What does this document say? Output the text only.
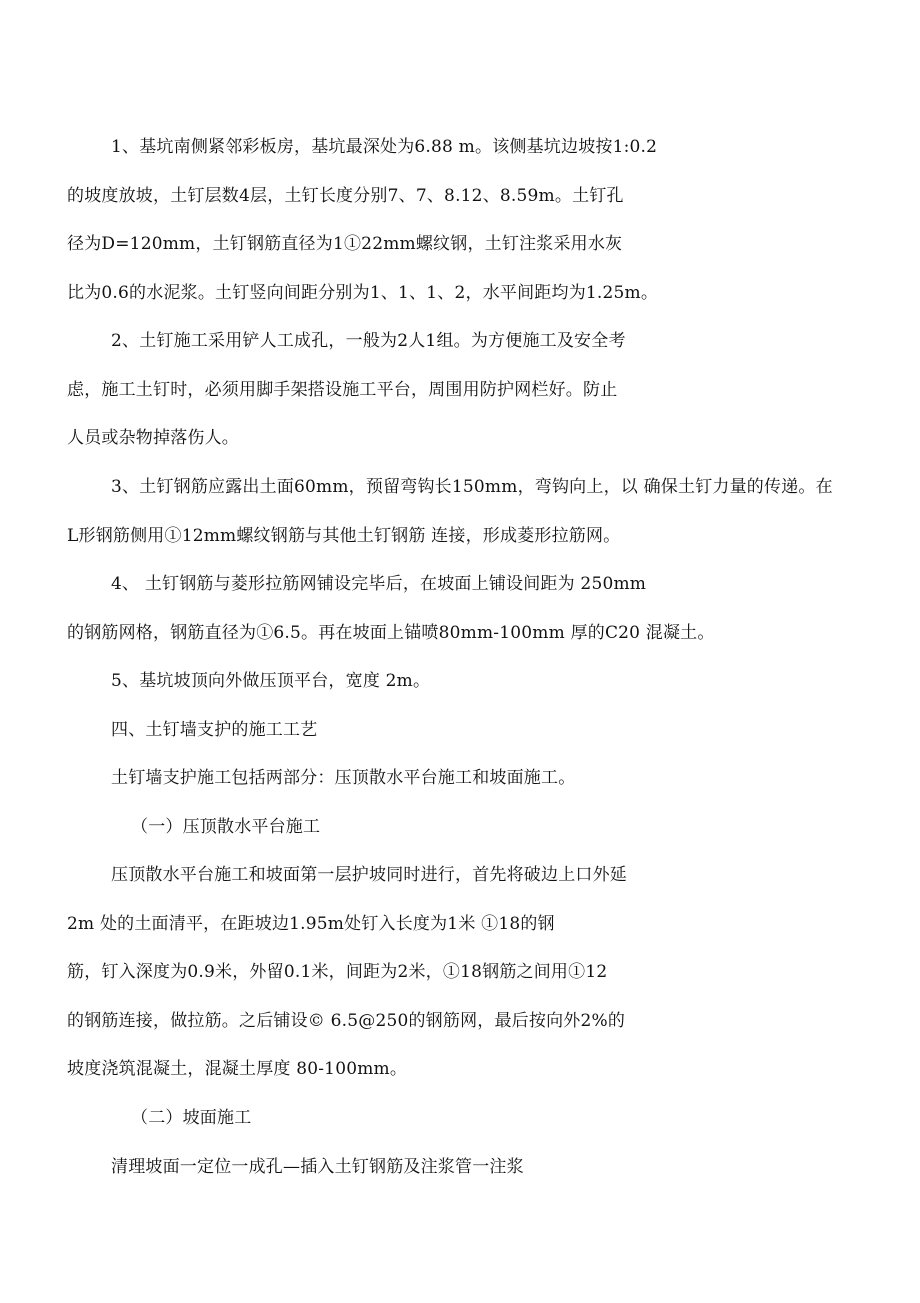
1、基坑南侧紧邻彩板房，基坑最深处为6.88 m。该侧基坑边坡按1:0.2
的坡度放坡，土钉层数4层，土钉长度分别7、7、8.12、8.59m。土钉孔
径为D=120mm，土钉钢筋直径为1①22mm螺纹钢，土钉注浆采用水灰
比为0.6的水泥浆。土钉竖向间距分别为1、1、1、2，水平间距均为1.25m。
2、土钉施工采用铲人工成孔，一般为2人1组。为方便施工及安全考
虑，施工土钉时，必须用脚手架搭设施工平台，周围用防护网栏好。防止
人员或杂物掉落伤人。
3、土钉钢筋应露出土面60mm，预留弯钩长150mm，弯钩向上，以 确保土钉力量的传递。在
L形钢筋侧用①12mm螺纹钢筋与其他土钉钢筋 连接，形成菱形拉筋网。
4、 土钉钢筋与菱形拉筋网铺设完毕后，在坡面上铺设间距为 250mm
的钢筋网格，钢筋直径为①6.5。再在坡面上锚喷80mm-100mm 厚的C20 混凝土。
5、基坑坡顶向外做压顶平台，宽度 2m。
四、土钉墙支护的施工工艺
土钉墙支护施工包括两部分：压顶散水平台施工和坡面施工。
（一）压顶散水平台施工
压顶散水平台施工和坡面第一层护坡同时进行，首先将破边上口外延
2m 处的土面清平，在距坡边1.95m处钉入长度为1米 ①18的钢
筋，钉入深度为0.9米，外留0.1米，间距为2米，①18钢筋之间用①12
的钢筋连接，做拉筋。之后铺设© 6.5@250的钢筋网，最后按向外2%的
坡度浇筑混凝土，混凝土厚度 80-100mm。
（二）坡面施工
清理坡面一定位一成孔—插入土钉钢筋及注浆管一注浆
